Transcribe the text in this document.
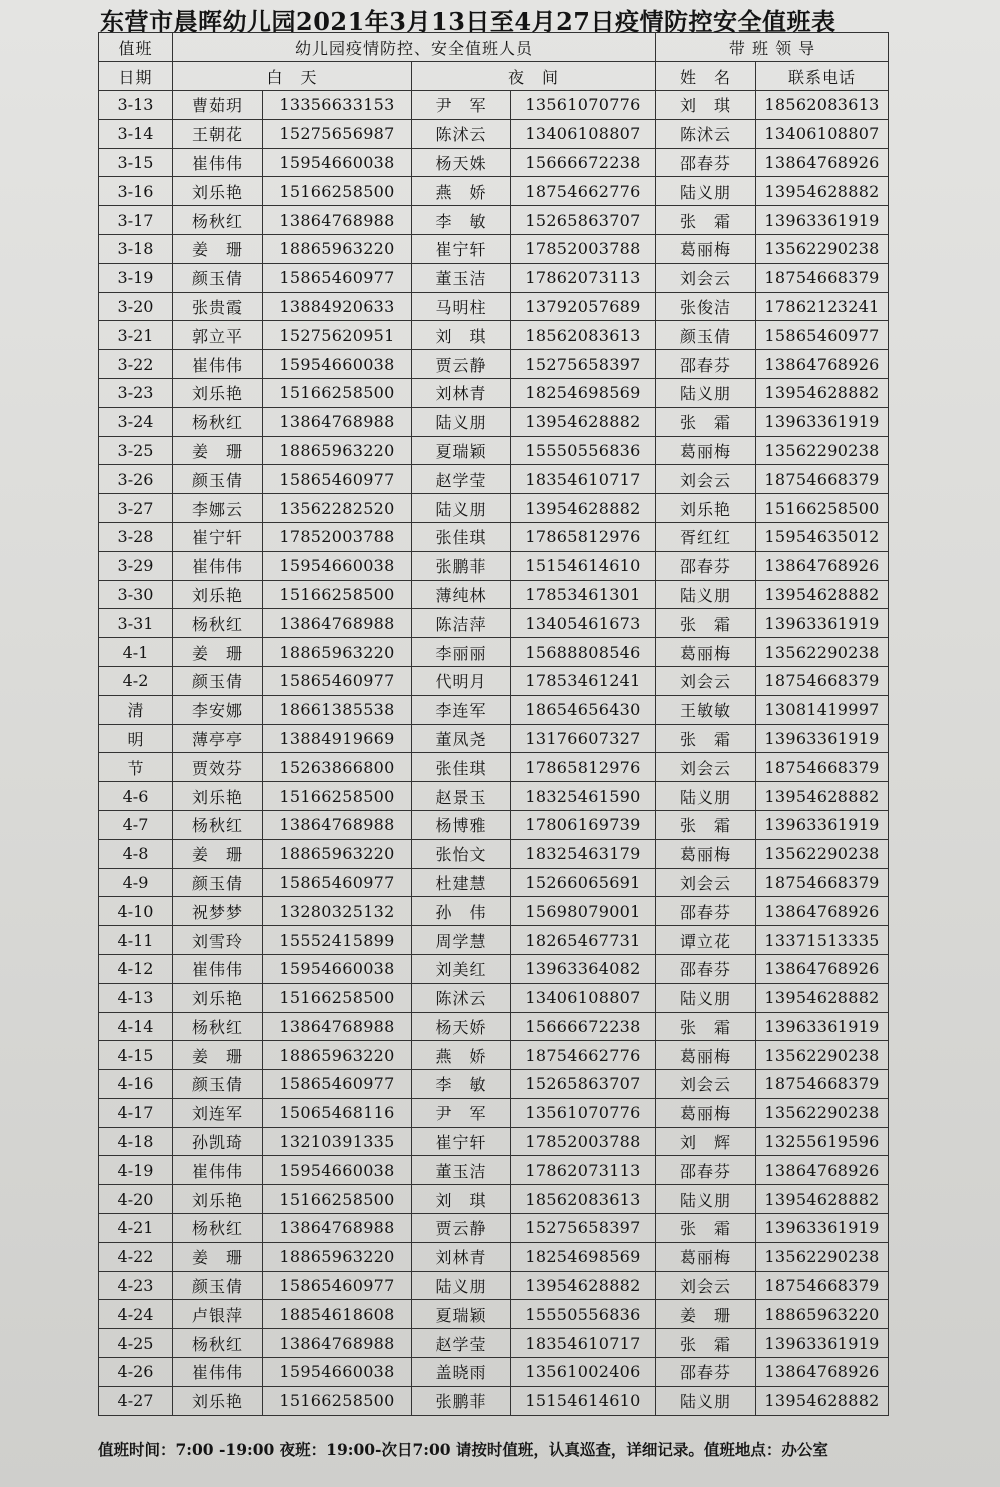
东营市晨晖幼儿园2021年3月13日至4月27日疫情防控安全值班表
值班	幼儿园疫情防控、安全值班人员				带 班 领 导	
日期	白　天		夜　间		姓　名	联系电话
3-13	曹茹玥	13356633153	尹　军	13561070776	刘　琪	18562083613
3-14	王朝花	15275656987	陈沭云	13406108807	陈沭云	13406108807
3-15	崔伟伟	15954660038	杨天姝	15666672238	邵春芬	13864768926
3-16	刘乐艳	15166258500	燕　娇	18754662776	陆义朋	13954628882
3-17	杨秋红	13864768988	李　敏	15265863707	张　霜	13963361919
3-18	姜　珊	18865963220	崔宁轩	17852003788	葛丽梅	13562290238
3-19	颜玉倩	15865460977	董玉洁	17862073113	刘会云	18754668379
3-20	张贵霞	13884920633	马明柱	13792057689	张俊洁	17862123241
3-21	郭立平	15275620951	刘　琪	18562083613	颜玉倩	15865460977
3-22	崔伟伟	15954660038	贾云静	15275658397	邵春芬	13864768926
3-23	刘乐艳	15166258500	刘林青	18254698569	陆义朋	13954628882
3-24	杨秋红	13864768988	陆义朋	13954628882	张　霜	13963361919
3-25	姜　珊	18865963220	夏瑞颖	15550556836	葛丽梅	13562290238
3-26	颜玉倩	15865460977	赵学莹	18354610717	刘会云	18754668379
3-27	李娜云	13562282520	陆义朋	13954628882	刘乐艳	15166258500
3-28	崔宁轩	17852003788	张佳琪	17865812976	胥红红	15954635012
3-29	崔伟伟	15954660038	张鹏菲	15154614610	邵春芬	13864768926
3-30	刘乐艳	15166258500	薄纯林	17853461301	陆义朋	13954628882
3-31	杨秋红	13864768988	陈洁萍	13405461673	张　霜	13963361919
4-1	姜　珊	18865963220	李丽丽	15688808546	葛丽梅	13562290238
4-2	颜玉倩	15865460977	代明月	17853461241	刘会云	18754668379
清	李安娜	18661385538	李连军	18654656430	王敏敏	13081419997
明	薄亭亭	13884919669	董凤尧	13176607327	张　霜	13963361919
节	贾效芬	15263866800	张佳琪	17865812976	刘会云	18754668379
4-6	刘乐艳	15166258500	赵景玉	18325461590	陆义朋	13954628882
4-7	杨秋红	13864768988	杨博雅	17806169739	张　霜	13963361919
4-8	姜　珊	18865963220	张怡文	18325463179	葛丽梅	13562290238
4-9	颜玉倩	15865460977	杜建慧	15266065691	刘会云	18754668379
4-10	祝梦梦	13280325132	孙　伟	15698079001	邵春芬	13864768926
4-11	刘雪玲	15552415899	周学慧	18265467731	谭立花	13371513335
4-12	崔伟伟	15954660038	刘美红	13963364082	邵春芬	13864768926
4-13	刘乐艳	15166258500	陈沭云	13406108807	陆义朋	13954628882
4-14	杨秋红	13864768988	杨天娇	15666672238	张　霜	13963361919
4-15	姜　珊	18865963220	燕　娇	18754662776	葛丽梅	13562290238
4-16	颜玉倩	15865460977	李　敏	15265863707	刘会云	18754668379
4-17	刘连军	15065468116	尹　军	13561070776	葛丽梅	13562290238
4-18	孙凯琦	13210391335	崔宁轩	17852003788	刘　辉	13255619596
4-19	崔伟伟	15954660038	董玉洁	17862073113	邵春芬	13864768926
4-20	刘乐艳	15166258500	刘　琪	18562083613	陆义朋	13954628882
4-21	杨秋红	13864768988	贾云静	15275658397	张　霜	13963361919
4-22	姜　珊	18865963220	刘林青	18254698569	葛丽梅	13562290238
4-23	颜玉倩	15865460977	陆义朋	13954628882	刘会云	18754668379
4-24	卢银萍	18854618608	夏瑞颖	15550556836	姜　珊	18865963220
4-25	杨秋红	13864768988	赵学莹	18354610717	张　霜	13963361919
4-26	崔伟伟	15954660038	盖晓雨	13561002406	邵春芬	13864768926
4-27	刘乐艳	15166258500	张鹏菲	15154614610	陆义朋	13954628882
值班时间：7:00 -19:00 夜班：19:00-次日7:00 请按时值班，认真巡查，详细记录。值班地点：办公室
